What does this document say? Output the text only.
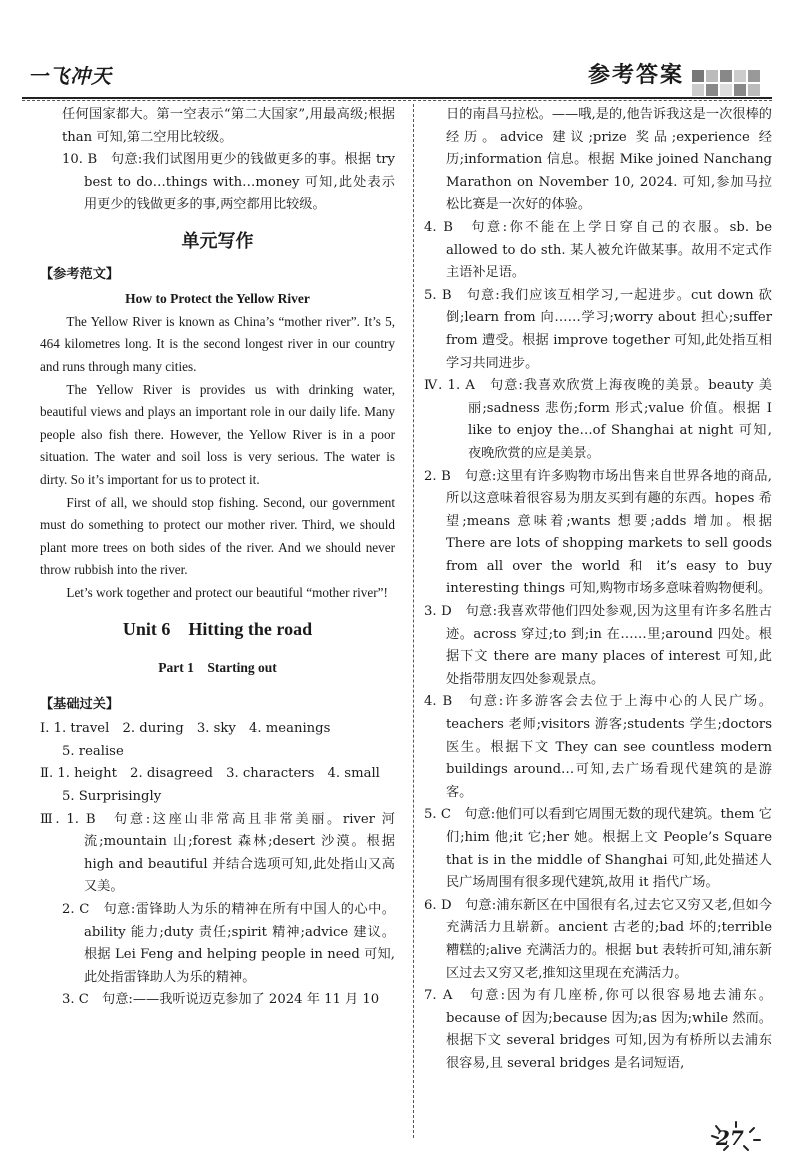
一飞冲天	参考答案

任何国家都大。第一空表示“第二大国家”,用最高级;根据 than 可知,第二空用比较级。

10. B　句意:我们试图用更少的钱做更多的事。根据 try best to do…things with…money 可知,此处表示用更少的钱做更多的事,两空都用比较级。

单元写作

【参考范文】

How to Protect the Yellow River

The Yellow River is known as China’s “mother river”. It’s 5, 464 kilometres long. It is the second longest river in our country and runs through many cities.

The Yellow River is provides us with drinking water, beautiful views and plays an important role in our daily life. Many people also fish there. However, the Yellow River is in a poor situation. The water and soil loss is very serious. The water is dirty. So it’s important for us to protect it.

First of all, we should stop fishing. Second, our government must do something to protect our mother river. Third, we should plant more trees on both sides of the river. And we should never throw rubbish into the river.

Let’s work together and protect our beautiful “mother river”!

Unit 6　Hitting the road

Part 1　Starting out

【基础过关】

Ⅰ. 1. travel　2. during　3. sky　4. meanings

5. realise

Ⅱ. 1. height　2. disagreed　3. characters　4. small

5. Surprisingly

Ⅲ. 1. B　句意:这座山非常高且非常美丽。river 河流;mountain 山;forest 森林;desert 沙漠。根据 high and beautiful 并结合选项可知,此处指山又高又美。

2. C　句意:雷锋助人为乐的精神在所有中国人的心中。ability 能力;duty 责任;spirit 精神;advice 建议。根据 Lei Feng and helping people in need 可知,此处指雷锋助人为乐的精神。

3. C　句意:——我听说迈克参加了 2024 年 11 月 10

日的南昌马拉松。——哦,是的,他告诉我这是一次很棒的经历。advice 建议;prize 奖品;experience 经历;information 信息。根据 Mike joined Nanchang Marathon on November 10, 2024. 可知,参加马拉松比赛是一次好的体验。

4. B　句意:你不能在上学日穿自己的衣服。sb. be allowed to do sth. 某人被允许做某事。故用不定式作主语补足语。

5. B　句意:我们应该互相学习,一起进步。cut down 砍倒;learn from 向……学习;worry about 担心;suffer from 遭受。根据 improve together 可知,此处指互相学习共同进步。

Ⅳ. 1. A　句意:我喜欢欣赏上海夜晚的美景。beauty 美丽;sadness 悲伤;form 形式;value 价值。根据 I like to enjoy the…of Shanghai at night 可知,夜晚欣赏的应是美景。

2. B　句意:这里有许多购物市场出售来自世界各地的商品,所以这意味着很容易为朋友买到有趣的东西。hopes 希望;means 意味着;wants 想要;adds 增加。根据 There are lots of shopping markets to sell goods from all over the world 和 it’s easy to buy interesting things 可知,购物市场多意味着购物便利。

3. D　句意:我喜欢带他们四处参观,因为这里有许多名胜古迹。across 穿过;to 到;in 在……里;around 四处。根据下文 there are many places of interest 可知,此处指带朋友四处参观景点。

4. B　句意:许多游客会去位于上海中心的人民广场。teachers 老师;visitors 游客;students 学生;doctors 医生。根据下文 They can see countless modern buildings around…可知,去广场看现代建筑的是游客。

5. C　句意:他们可以看到它周围无数的现代建筑。them 它们;him 他;it 它;her 她。根据上文 People’s Square that is in the middle of Shanghai 可知,此处描述人民广场周围有很多现代建筑,故用 it 指代广场。

6. D　句意:浦东新区在中国很有名,过去它又穷又老,但如今充满活力且崭新。ancient 古老的;bad 坏的;terrible 糟糕的;alive 充满活力的。根据 but 表转折可知,浦东新区过去又穷又老,推知这里现在充满活力。

7. A　句意:因为有几座桥,你可以很容易地去浦东。because of 因为;because 因为;as 因为;while 然而。根据下文 several bridges 可知,因为有桥所以去浦东很容易,且 several bridges 是名词短语,

27
